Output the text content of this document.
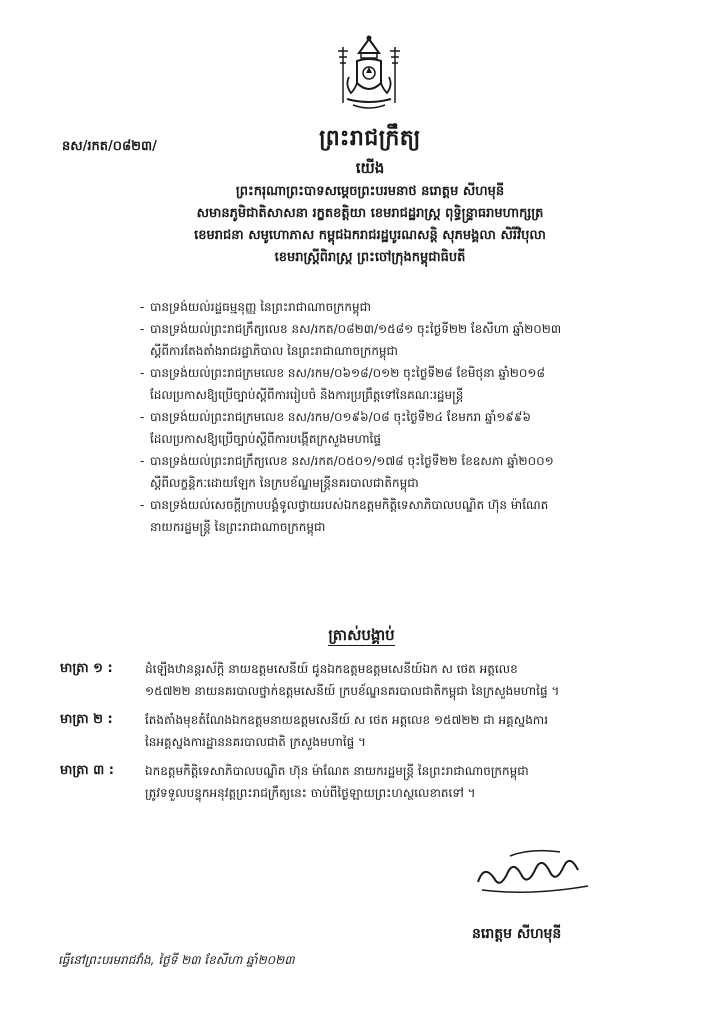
នស/រកត/០៨២៣/	ព្រះរាជក្រឹត្យ
យើង
ព្រះករុណាព្រះបាទសម្តេចព្រះបរមនាថ នរោត្តម សីហមុនី
សមានភូមិជាតិសាសនា រក្ខតខត្តិយា ខេមរាជដ្ឋរាស្ត្រ ពុទ្ធិន្ទ្រាធរាមហាក្សត្រ
ខេមរាជនា សមូហោភាស កម្ពុជឯករាជរដ្ឋបូរណសន្តិ សុភមង្គលា សិរីវិបុលា
ខេមរាស្ត្រីពិរាស្ត្រ ព្រះចៅក្រុងកម្ពុជាធិបតី
- បានទ្រង់យល់រដ្ឋធម្មនុញ្ញ នៃព្រះរាជាណាចក្រកម្ពុជា
- បានទ្រង់យល់ព្រះរាជក្រឹត្យលេខ នស/រកត/០៨២៣/១៥៨១ ចុះថ្ងៃទី២២ ខែសីហា ឆ្នាំ២០២៣
ស្តីពីការតែងតាំងរាជរដ្ឋាភិបាល នៃព្រះរាជាណាចក្រកម្ពុជា
- បានទ្រង់យល់ព្រះរាជក្រមលេខ នស/រកម/០៦១៨/០១២ ចុះថ្ងៃទី២៨ ខែមិថុនា ឆ្នាំ២០១៨
ដែលប្រកាសឱ្យប្រើច្បាប់ស្តីពីការរៀបចំ និងការប្រព្រឹត្តទៅនៃគណៈរដ្ឋមន្ត្រី
- បានទ្រង់យល់ព្រះរាជក្រមលេខ នស/រកម/០១៩៦/០៨ ចុះថ្ងៃទី២៤ ខែមករា ឆ្នាំ១៩៩៦
ដែលប្រកាសឱ្យប្រើច្បាប់ស្តីពីការបង្កើតក្រសួងមហាផ្ទៃ
- បានទ្រង់យល់ព្រះរាជក្រឹត្យលេខ នស/រកត/០៥០១/១៧៨ ចុះថ្ងៃទី២២ ខែឧសភា ឆ្នាំ២០០១
ស្តីពីលក្ខន្តិកៈដោយឡែក នៃក្របខ័ណ្ឌមន្ត្រីនគរបាលជាតិកម្ពុជា
- បានទ្រង់យល់សេចក្តីក្រាបបង្គំទូលថ្វាយរបស់ឯកឧត្តមកិត្តិទេសាភិបាលបណ្ឌិត ហ៊ុន ម៉ាណែត
នាយករដ្ឋមន្ត្រី នៃព្រះរាជាណាចក្រកម្ពុជា
ត្រាស់បង្គាប់
មាត្រា ១ :	ដំឡើងឋានន្តរស័ក្តិ នាយឧត្តមសេនីយ៍ ជូនឯកឧត្តមឧត្តមសេនីយ៍ឯក ស ថេត អត្តលេខ
១៥៧២២ នាយនគរបាលថ្នាក់ឧត្តមសេនីយ៍ ក្របខ័ណ្ឌនគរបាលជាតិកម្ពុជា នៃក្រសួងមហាផ្ទៃ ។
មាត្រា ២ :	តែងតាំងមុខតំណែងឯកឧត្តមនាយឧត្តមសេនីយ៍ ស ថេត អត្តលេខ ១៥៧២២ ជា អគ្គស្នងការ
នៃអគ្គស្នងការដ្ឋាននគរបាលជាតិ ក្រសួងមហាផ្ទៃ ។
មាត្រា ៣ :	ឯកឧត្តមកិត្តិទេសាភិបាលបណ្ឌិត ហ៊ុន ម៉ាណែត នាយករដ្ឋមន្ត្រី នៃព្រះរាជាណាចក្រកម្ពុជា
ត្រូវទទួលបន្ទុកអនុវត្តព្រះរាជក្រឹត្យនេះ ចាប់ពីថ្ងៃឡាយព្រះហស្ថលេខាតទៅ ។
នរោត្តម សីហមុនី
ធ្វើនៅព្រះបរមរាជវាំង, ថ្ងៃទី ២៣ ខែសីហា ឆ្នាំ២០២៣
